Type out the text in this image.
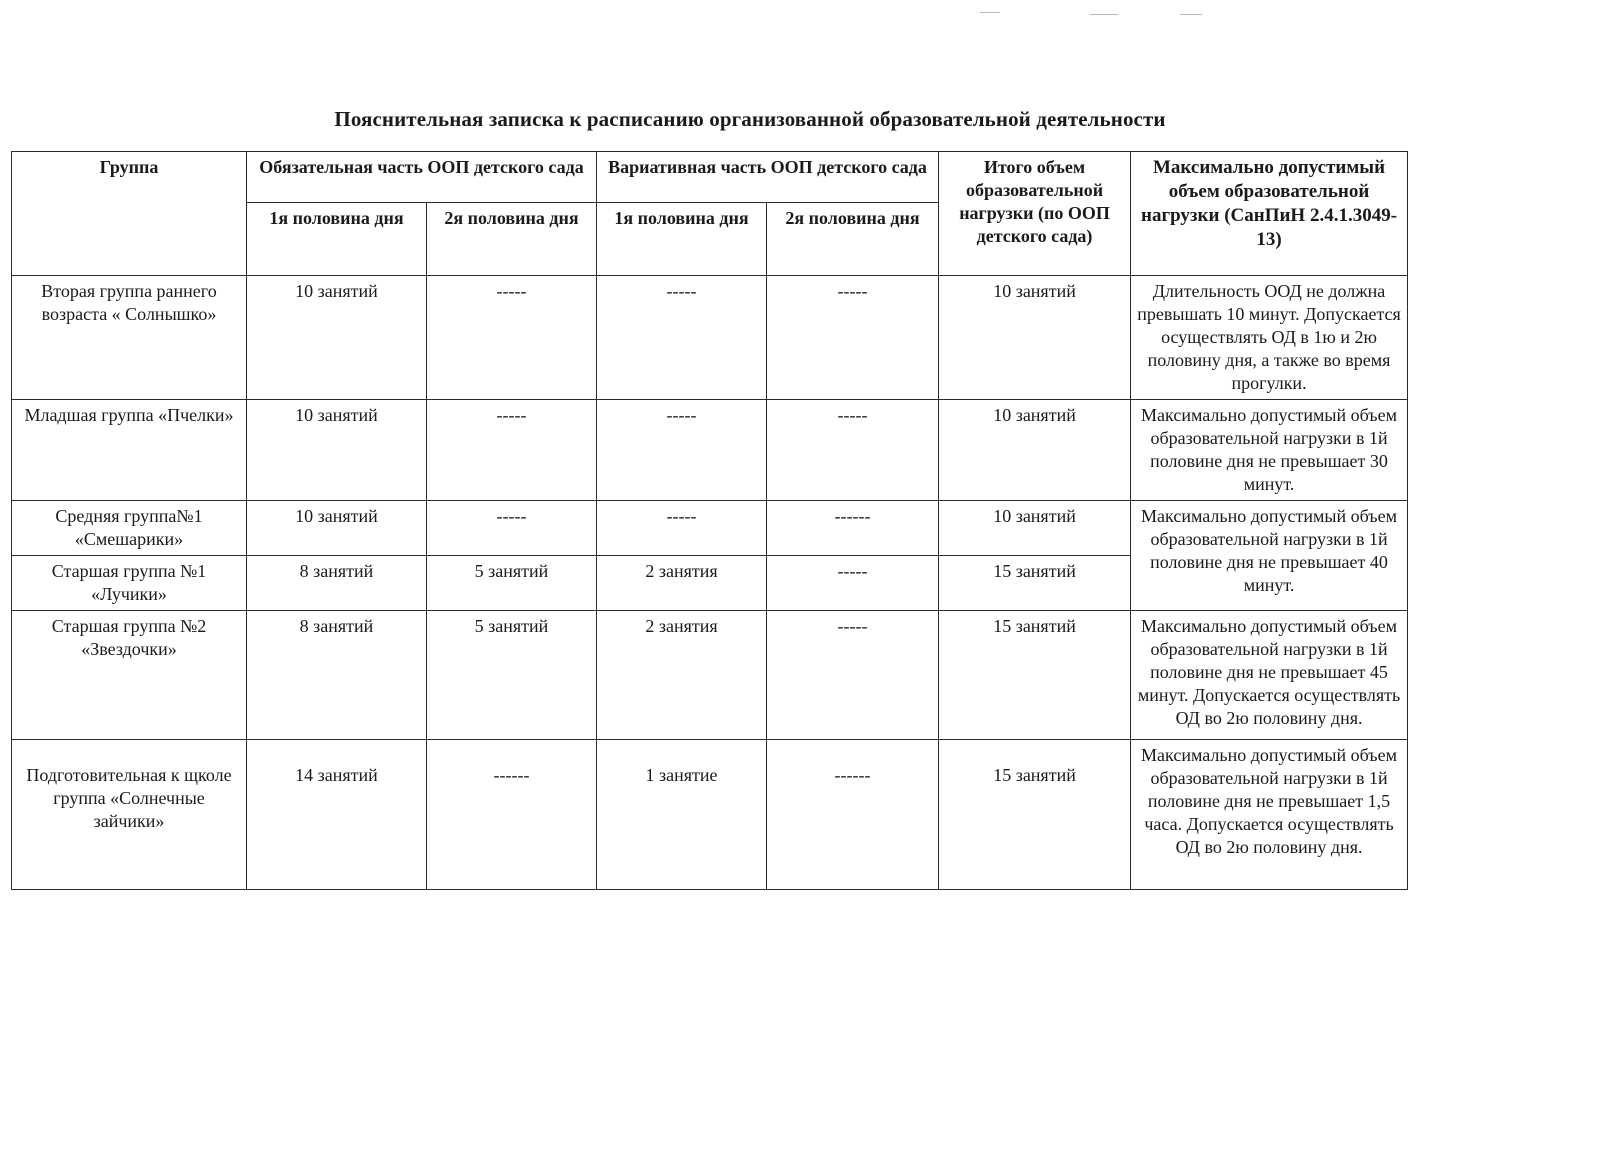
Пояснительная записка к расписанию организованной образовательной деятельности
Группа	Обязательная часть ООП детского сада		Вариативная часть ООП детского сада		Итого объем образовательной нагрузки (по ООП детского сада)	Максимально допустимый объем образовательной нагрузки (СанПиН 2.4.1.3049-13)
	1я половина дня	2я половина дня	1я половина дня	2я половина дня		
Вторая группа раннего возраста « Солнышко»	10 занятий	-----	-----	-----	10 занятий	Длительность ООД не должна превышать 10 минут. Допускается осуществлять ОД в 1ю и 2ю половину дня, а также во время прогулки.
Младшая группа «Пчелки»	10 занятий	-----	-----	-----	10 занятий	Максимально допустимый объем образовательной нагрузки в 1й половине дня не превышает 30 минут.
Средняя группа№1 «Смешарики»	10 занятий	-----	-----	------	10 занятий	Максимально допустимый объем образовательной нагрузки в 1й половине дня не превышает 40 минут.
Старшая группа №1 «Лучики»	8 занятий	5 занятий	2 занятия	-----	15 занятий	
Старшая группа №2 «Звездочки»	8 занятий	5 занятий	2 занятия	-----	15 занятий	Максимально допустимый объем образовательной нагрузки в 1й половине дня не превышает 45 минут. Допускается осуществлять ОД во 2ю половину дня.
Подготовительная к щколе группа «Солнечные зайчики»	14 занятий	------	1 занятие	------	15 занятий	Максимально допустимый объем образовательной нагрузки в 1й половине дня не превышает 1,5 часа. Допускается осуществлять ОД во 2ю половину дня.
